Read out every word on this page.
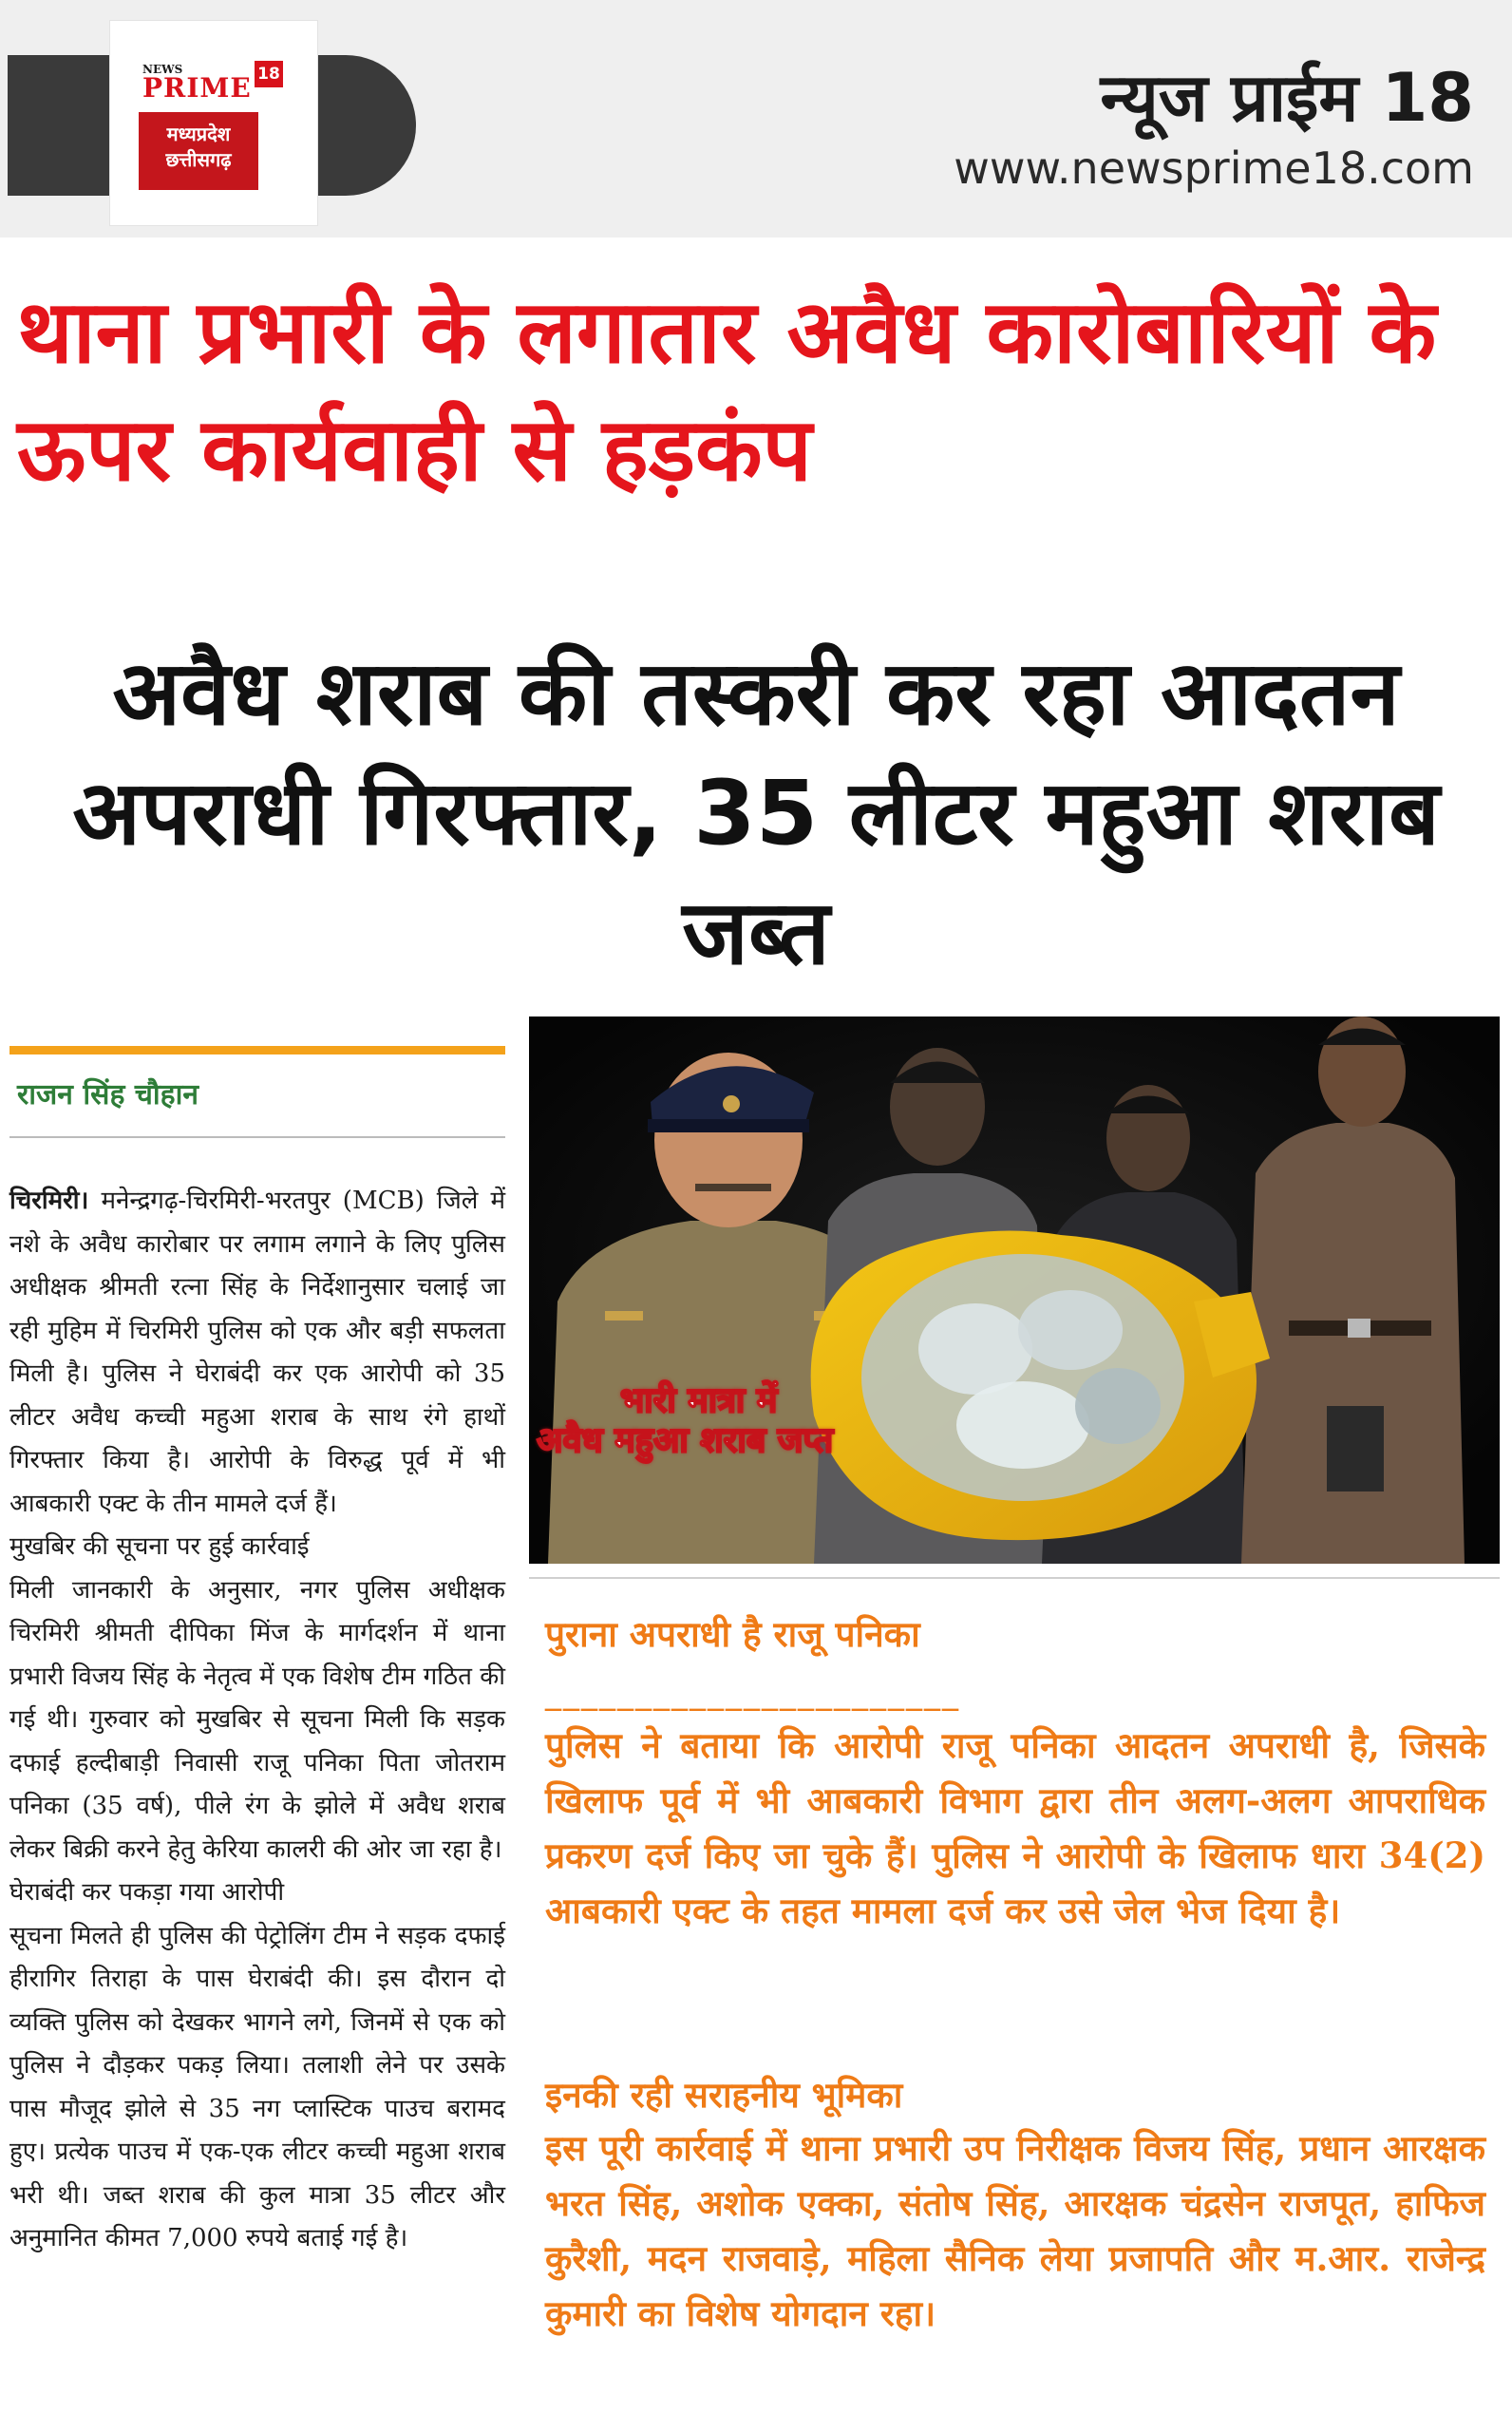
NEWS
PRIME 18
मध्यप्रदेश
छत्तीसगढ़
न्यूज प्राईम 18
www.newsprime18.com
थाना प्रभारी के लगातार अवैध कारोबारियों के ऊपर कार्यवाही से हड़कंप
अवैध शराब की तस्करी कर रहा आदतन अपराधी गिरफ्तार, 35 लीटर महुआ शराब जब्त
राजन सिंह चौहान

चिरमिरी। मनेन्द्रगढ़-चिरमिरी-भरतपुर (MCB) जिले में नशे के अवैध कारोबार पर लगाम लगाने के लिए पुलिस अधीक्षक श्रीमती रत्ना सिंह के निर्देशानुसार चलाई जा रही मुहिम में चिरमिरी पुलिस को एक और बड़ी सफलता मिली है। पुलिस ने घेराबंदी कर एक आरोपी को 35 लीटर अवैध कच्ची महुआ शराब के साथ रंगे हाथों गिरफ्तार किया है। आरोपी के विरुद्ध पूर्व में भी आबकारी एक्ट के तीन मामले दर्ज हैं।

मुखबिर की सूचना पर हुई कार्रवाई

मिली जानकारी के अनुसार, नगर पुलिस अधीक्षक चिरमिरी श्रीमती दीपिका मिंज के मार्गदर्शन में थाना प्रभारी विजय सिंह के नेतृत्व में एक विशेष टीम गठित की गई थी। गुरुवार को मुखबिर से सूचना मिली कि सड़क दफाई हल्दीबाड़ी निवासी राजू पनिका पिता जोतराम पनिका (35 वर्ष), पीले रंग के झोले में अवैध शराब लेकर बिक्री करने हेतु केरिया कालरी की ओर जा रहा है।

घेराबंदी कर पकड़ा गया आरोपी

सूचना मिलते ही पुलिस की पेट्रोलिंग टीम ने सड़क दफाई हीरागिर तिराहा के पास घेराबंदी की। इस दौरान दो व्यक्ति पुलिस को देखकर भागने लगे, जिनमें से एक को पुलिस ने दौड़कर पकड़ लिया। तलाशी लेने पर उसके पास मौजूद झोले से 35 नग प्लास्टिक पाउच बरामद हुए। प्रत्येक पाउच में एक-एक लीटर कच्ची महुआ शराब भरी थी। जब्त शराब की कुल मात्रा 35 लीटर और अनुमानित कीमत 7,000 रुपये बताई गई है।

भारी मात्रा में
अवैध महुआ शराब जप्त
पुराना अपराधी है राजू पनिका
_______________________
पुलिस ने बताया कि आरोपी राजू पनिका आदतन अपराधी है, जिसके खिलाफ पूर्व में भी आबकारी विभाग द्वारा तीन अलग-अलग आपराधिक प्रकरण दर्ज किए जा चुके हैं। पुलिस ने आरोपी के खिलाफ धारा 34(2) आबकारी एक्ट के तहत मामला दर्ज कर उसे जेल भेज दिया है।
इनकी रही सराहनीय भूमिका
इस पूरी कार्रवाई में थाना प्रभारी उप निरीक्षक विजय सिंह, प्रधान आरक्षक भरत सिंह, अशोक एक्का, संतोष सिंह, आरक्षक चंद्रसेन राजपूत, हाफिज कुरैशी, मदन राजवाड़े, महिला सैनिक लेया प्रजापति और म.आर. राजेन्द्र कुमारी का विशेष योगदान रहा।
